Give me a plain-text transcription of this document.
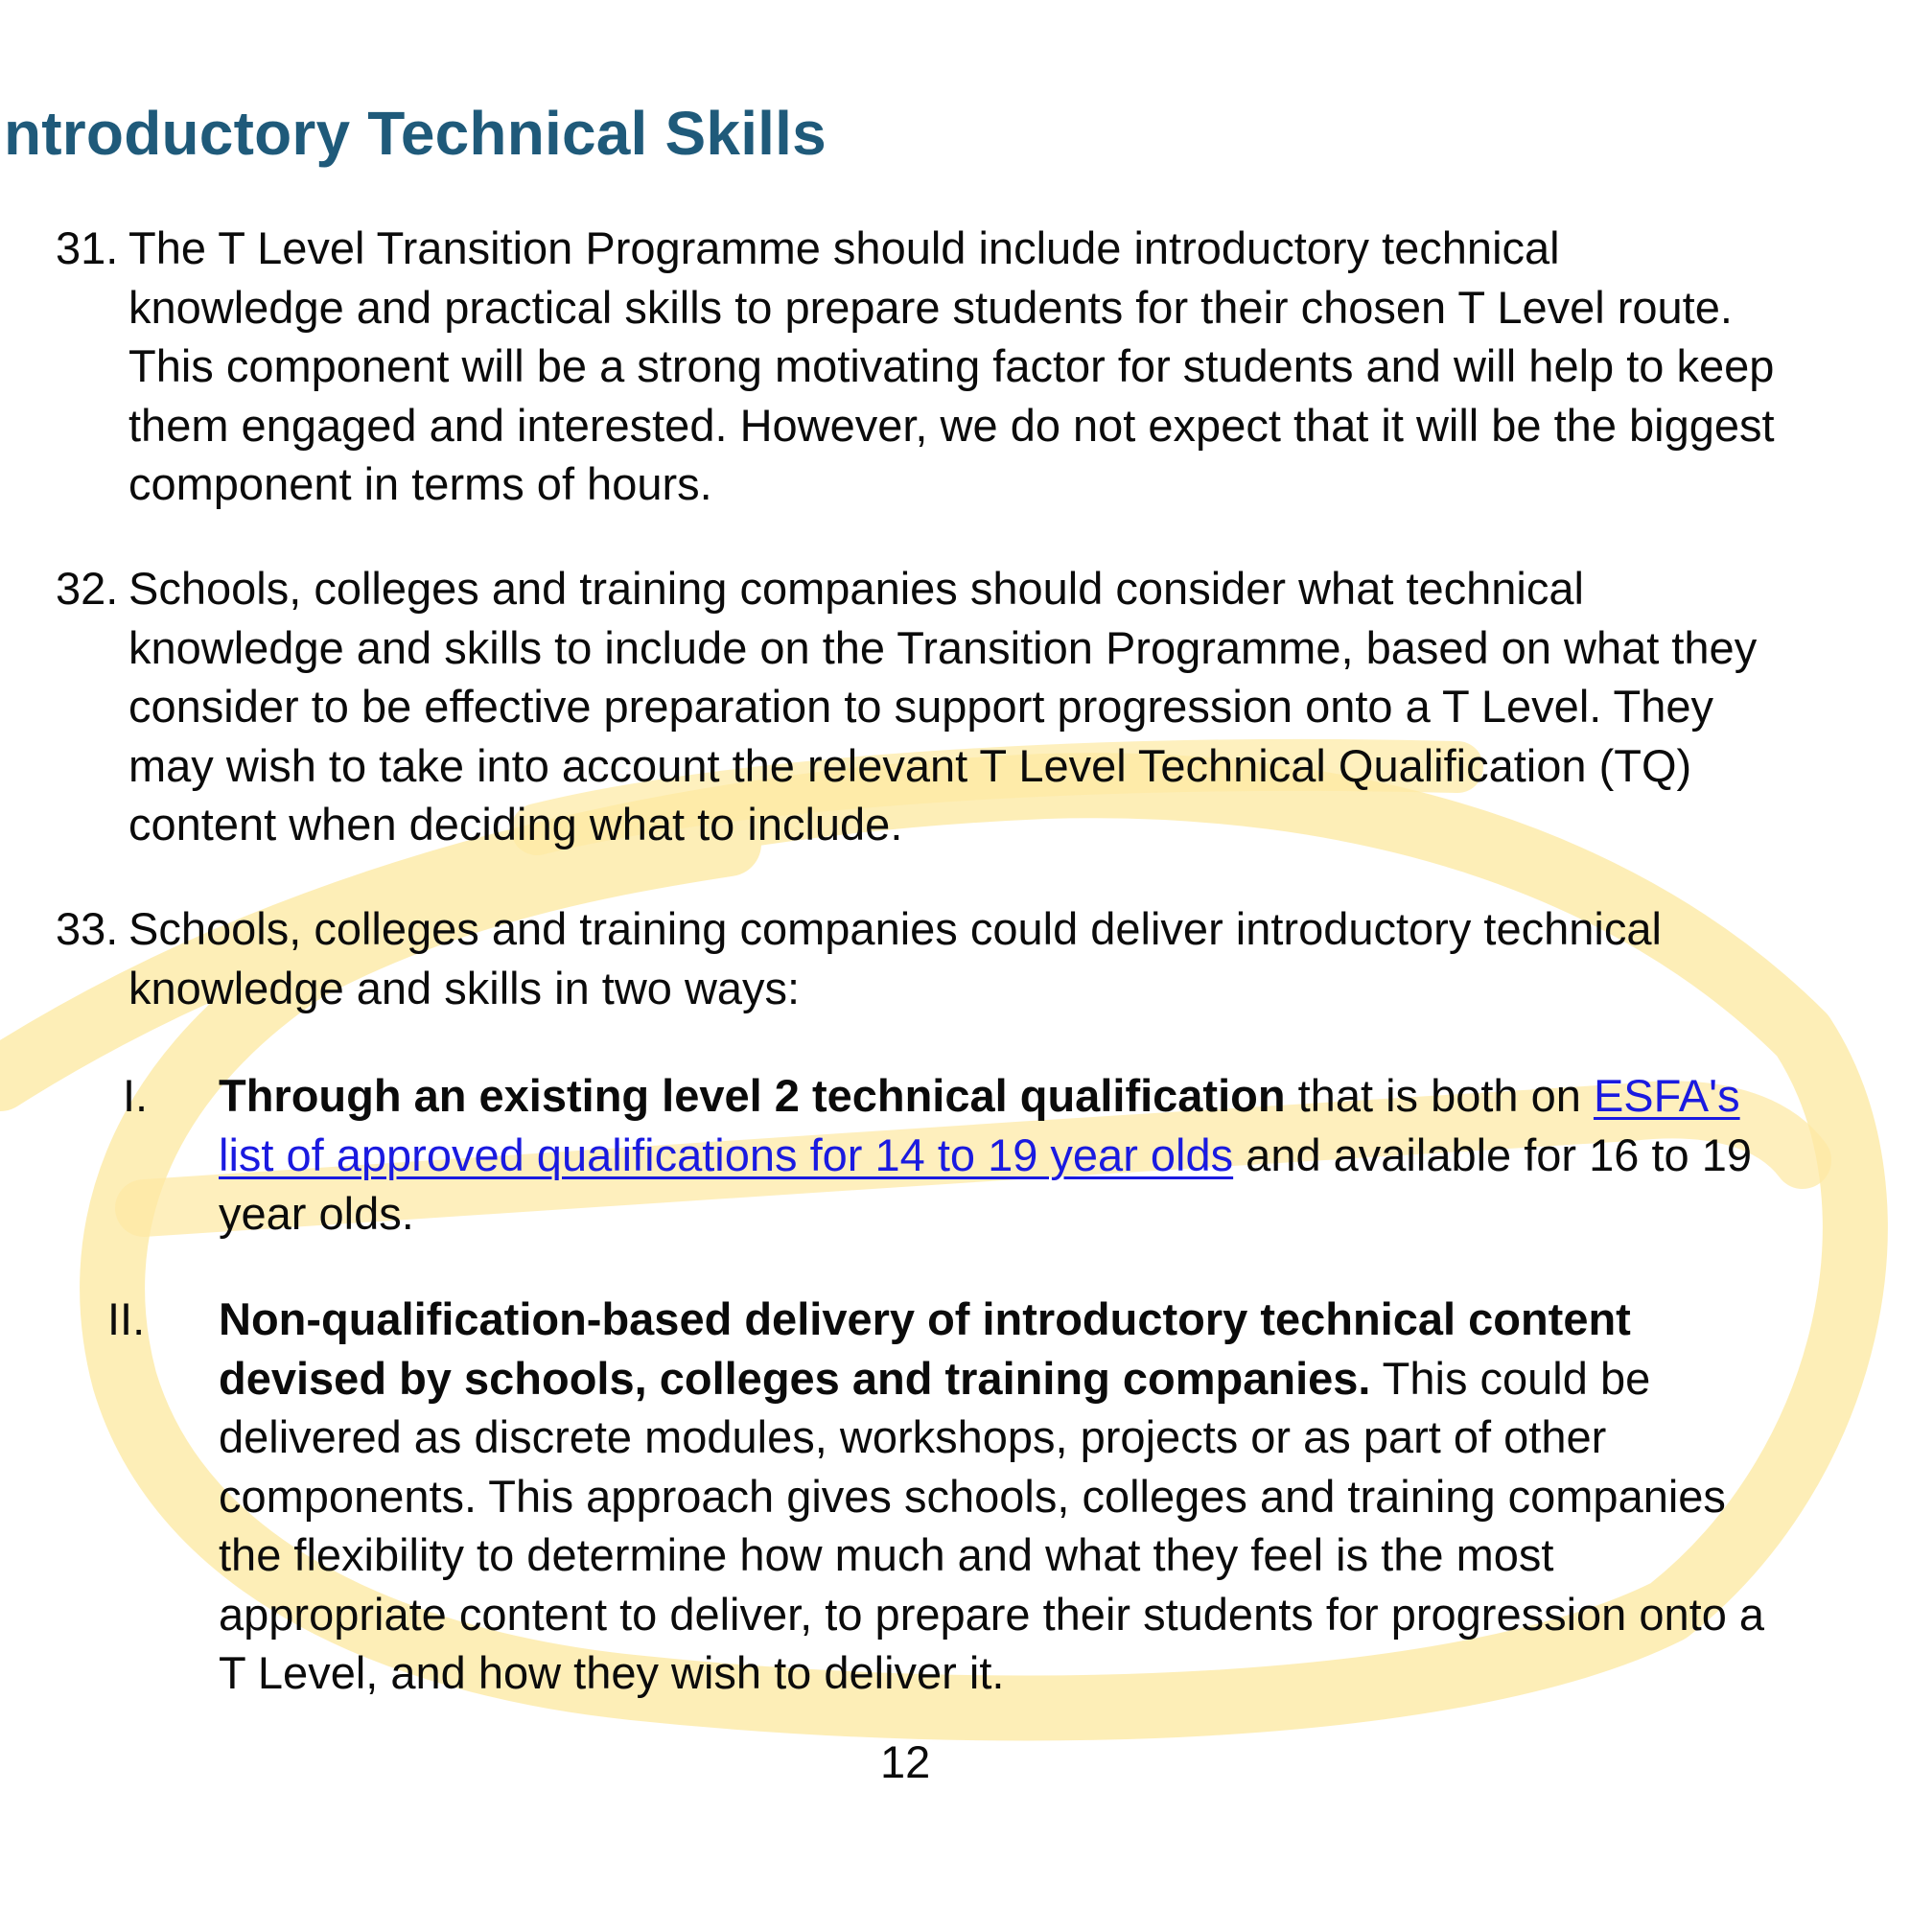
ntroductory Technical Skills
31. The T Level Transition Programme should include introductory technical
knowledge and practical skills to prepare students for their chosen T Level route.
This component will be a strong motivating factor for students and will help to keep
them engaged and interested. However, we do not expect that it will be the biggest
component in terms of hours.
32. Schools, colleges and training companies should consider what technical
knowledge and skills to include on the Transition Programme, based on what they
consider to be effective preparation to support progression onto a T Level. They
may wish to take into account the relevant T Level Technical Qualification (TQ)
content when deciding what to include.
33. Schools, colleges and training companies could deliver introductory technical
knowledge and skills in two ways:
I. Through an existing level 2 technical qualification that is both on ESFA's
list of approved qualifications for 14 to 19 year olds and available for 16 to 19
year olds.
II. Non-qualification-based delivery of introductory technical content
devised by schools, colleges and training companies. This could be
delivered as discrete modules, workshops, projects or as part of other
components. This approach gives schools, colleges and training companies
the flexibility to determine how much and what they feel is the most
appropriate content to deliver, to prepare their students for progression onto a
T Level, and how they wish to deliver it.
12
